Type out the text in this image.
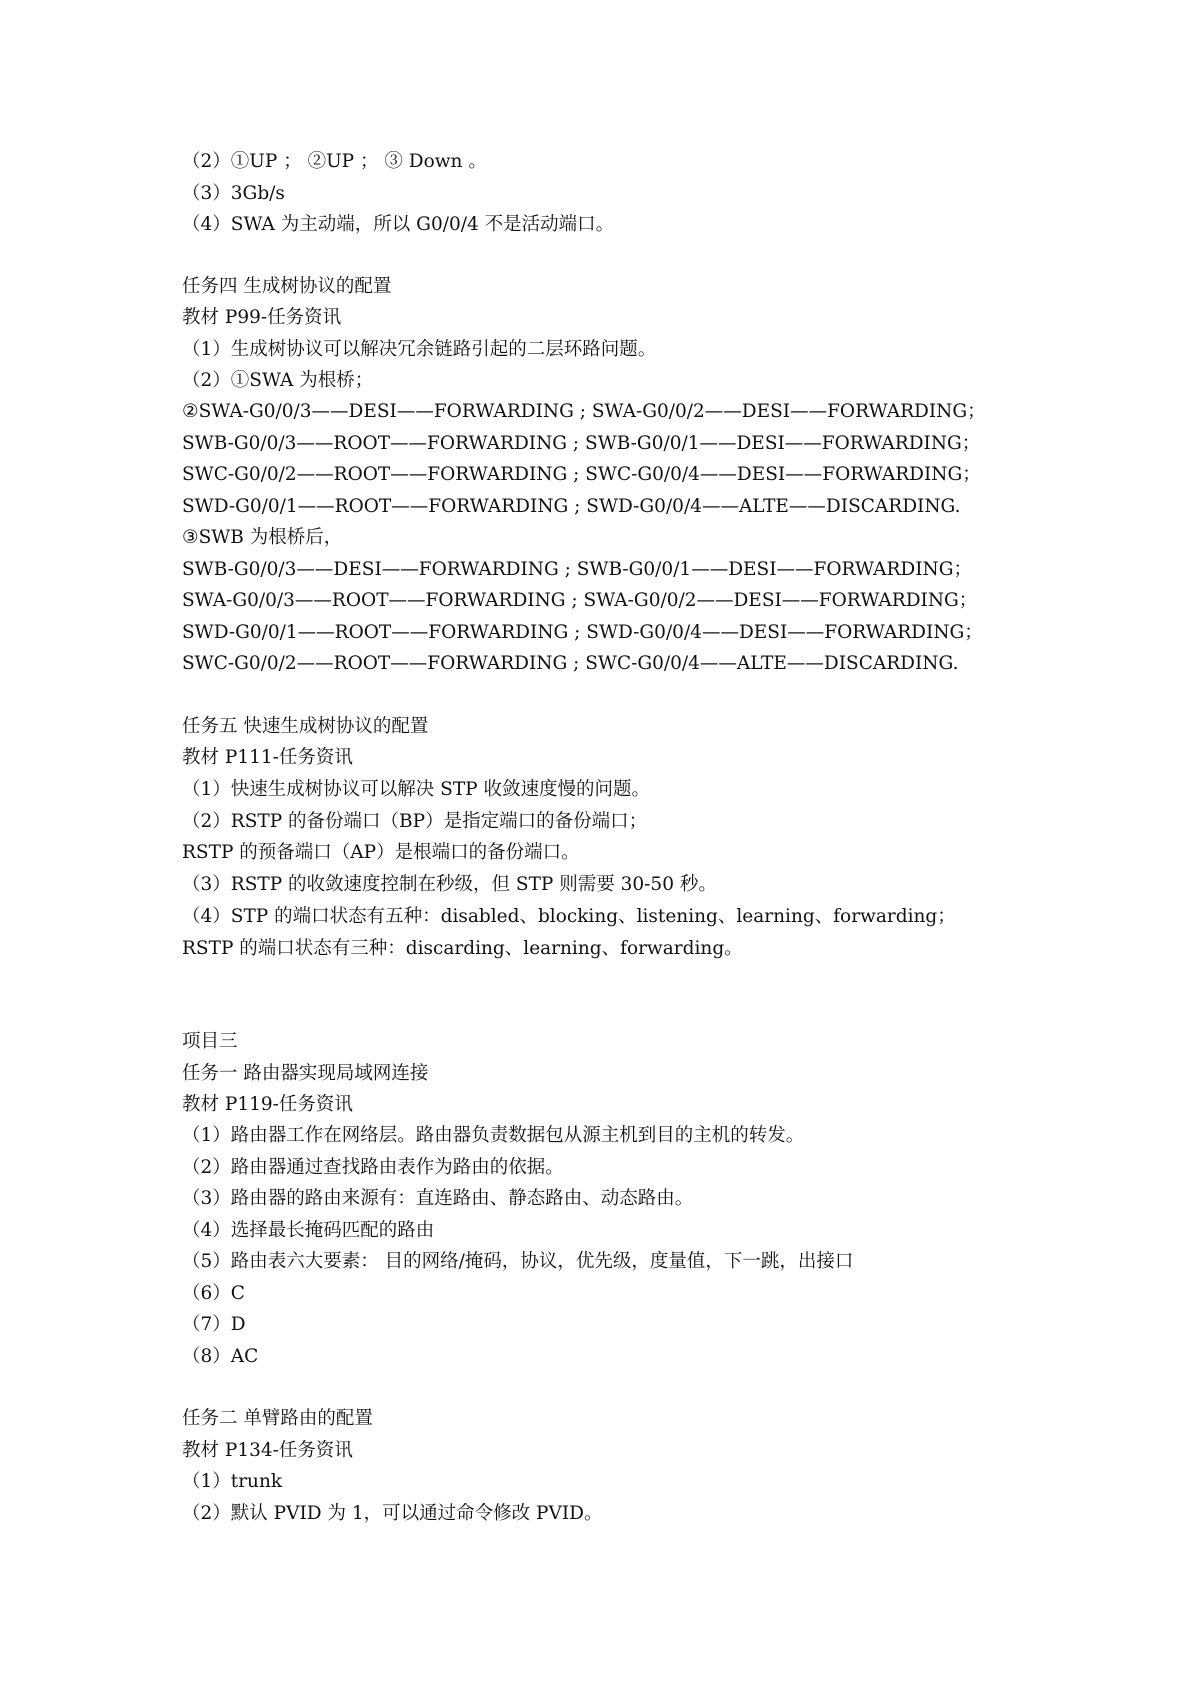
（2）①UP ； ②UP ； ③ Down 。
（3）3Gb/s
（4）SWA 为主动端，所以 G0/0/4 不是活动端口。
任务四 生成树协议的配置
教材 P99-任务资讯
（1）生成树协议可以解决冗余链路引起的二层环路问题。
（2）①SWA 为根桥；
②SWA-G0/0/3——DESI——FORWARDING ; SWA-G0/0/2——DESI——FORWARDING；
SWB-G0/0/3——ROOT——FORWARDING ; SWB-G0/0/1——DESI——FORWARDING；
SWC-G0/0/2——ROOT——FORWARDING ; SWC-G0/0/4——DESI——FORWARDING；
SWD-G0/0/1——ROOT——FORWARDING ; SWD-G0/0/4——ALTE——DISCARDING.
③SWB 为根桥后，
SWB-G0/0/3——DESI——FORWARDING ; SWB-G0/0/1——DESI——FORWARDING；
SWA-G0/0/3——ROOT——FORWARDING ; SWA-G0/0/2——DESI——FORWARDING；
SWD-G0/0/1——ROOT——FORWARDING ; SWD-G0/0/4——DESI——FORWARDING；
SWC-G0/0/2——ROOT——FORWARDING ; SWC-G0/0/4——ALTE——DISCARDING.
任务五 快速生成树协议的配置
教材 P111-任务资讯
（1）快速生成树协议可以解决 STP 收敛速度慢的问题。
（2）RSTP 的备份端口（BP）是指定端口的备份端口；
RSTP 的预备端口（AP）是根端口的备份端口。
（3）RSTP 的收敛速度控制在秒级，但 STP 则需要 30-50 秒。
（4）STP 的端口状态有五种：disabled、blocking、listening、learning、forwarding；
RSTP 的端口状态有三种：discarding、learning、forwarding。
项目三
任务一 路由器实现局域网连接
教材 P119-任务资讯
（1）路由器工作在网络层。路由器负责数据包从源主机到目的主机的转发。
（2）路由器通过查找路由表作为路由的依据。
（3）路由器的路由来源有：直连路由、静态路由、动态路由。
（4）选择最长掩码匹配的路由
（5）路由表六大要素： 目的网络/掩码，协议，优先级，度量值，下一跳，出接口
（6）C
（7）D
（8）AC
任务二 单臂路由的配置
教材 P134-任务资讯
（1）trunk
（2）默认 PVID 为 1，可以通过命令修改 PVID。
